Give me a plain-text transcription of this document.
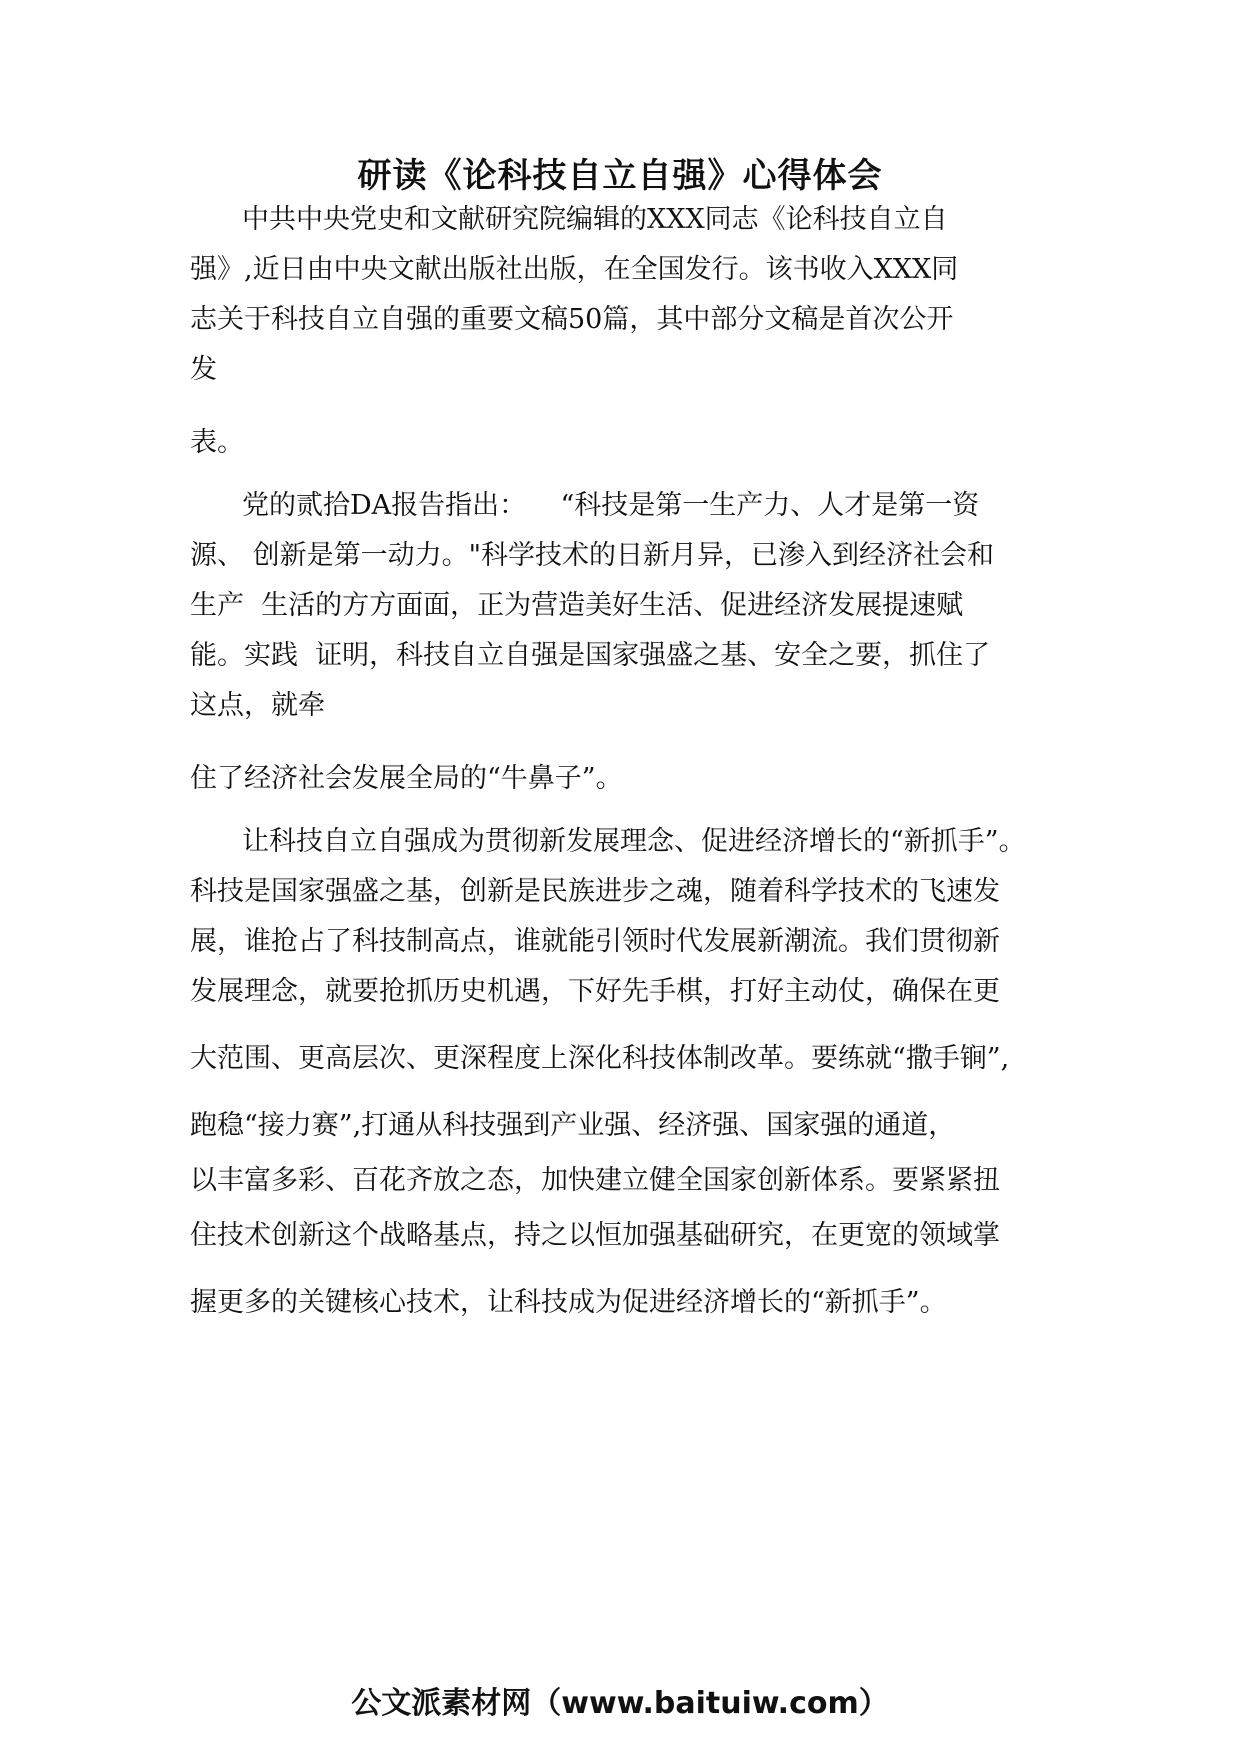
研读《论科技自立自强》心得体会

中共中央党史和文献研究院编辑的XXX同志《论科技自立自

强》,近日由中央文献出版社出版，在全国发行。该书收入XXX同

志关于科技自立自强的重要文稿50篇，其中部分文稿是首次公开

发

表。

党的贰拾DA报告指出：    “科技是第一生产力、人才是第一资

源、 创新是第一动力。"科学技术的日新月异，已渗入到经济社会和

生产  生活的方方面面，正为营造美好生活、促进经济发展提速赋

能。实践  证明，科技自立自强是国家强盛之基、安全之要，抓住了

这点，就牵

住了经济社会发展全局的“牛鼻子”。

让科技自立自强成为贯彻新发展理念、促进经济增长的“新抓手”。

科技是国家强盛之基，创新是民族进步之魂，随着科学技术的飞速发

展，谁抢占了科技制高点，谁就能引领时代发展新潮流。我们贯彻新

发展理念，就要抢抓历史机遇，下好先手棋，打好主动仗，确保在更

大范围、更高层次、更深程度上深化科技体制改革。要练就“撒手锏”,

跑稳“接力赛”,打通从科技强到产业强、经济强、国家强的通道，

以丰富多彩、百花齐放之态，加快建立健全国家创新体系。要紧紧扭

住技术创新这个战略基点，持之以恒加强基础研究，在更宽的领域掌

握更多的关键核心技术，让科技成为促进经济增长的“新抓手”。

公文派素材网（www.baituiw.com）
